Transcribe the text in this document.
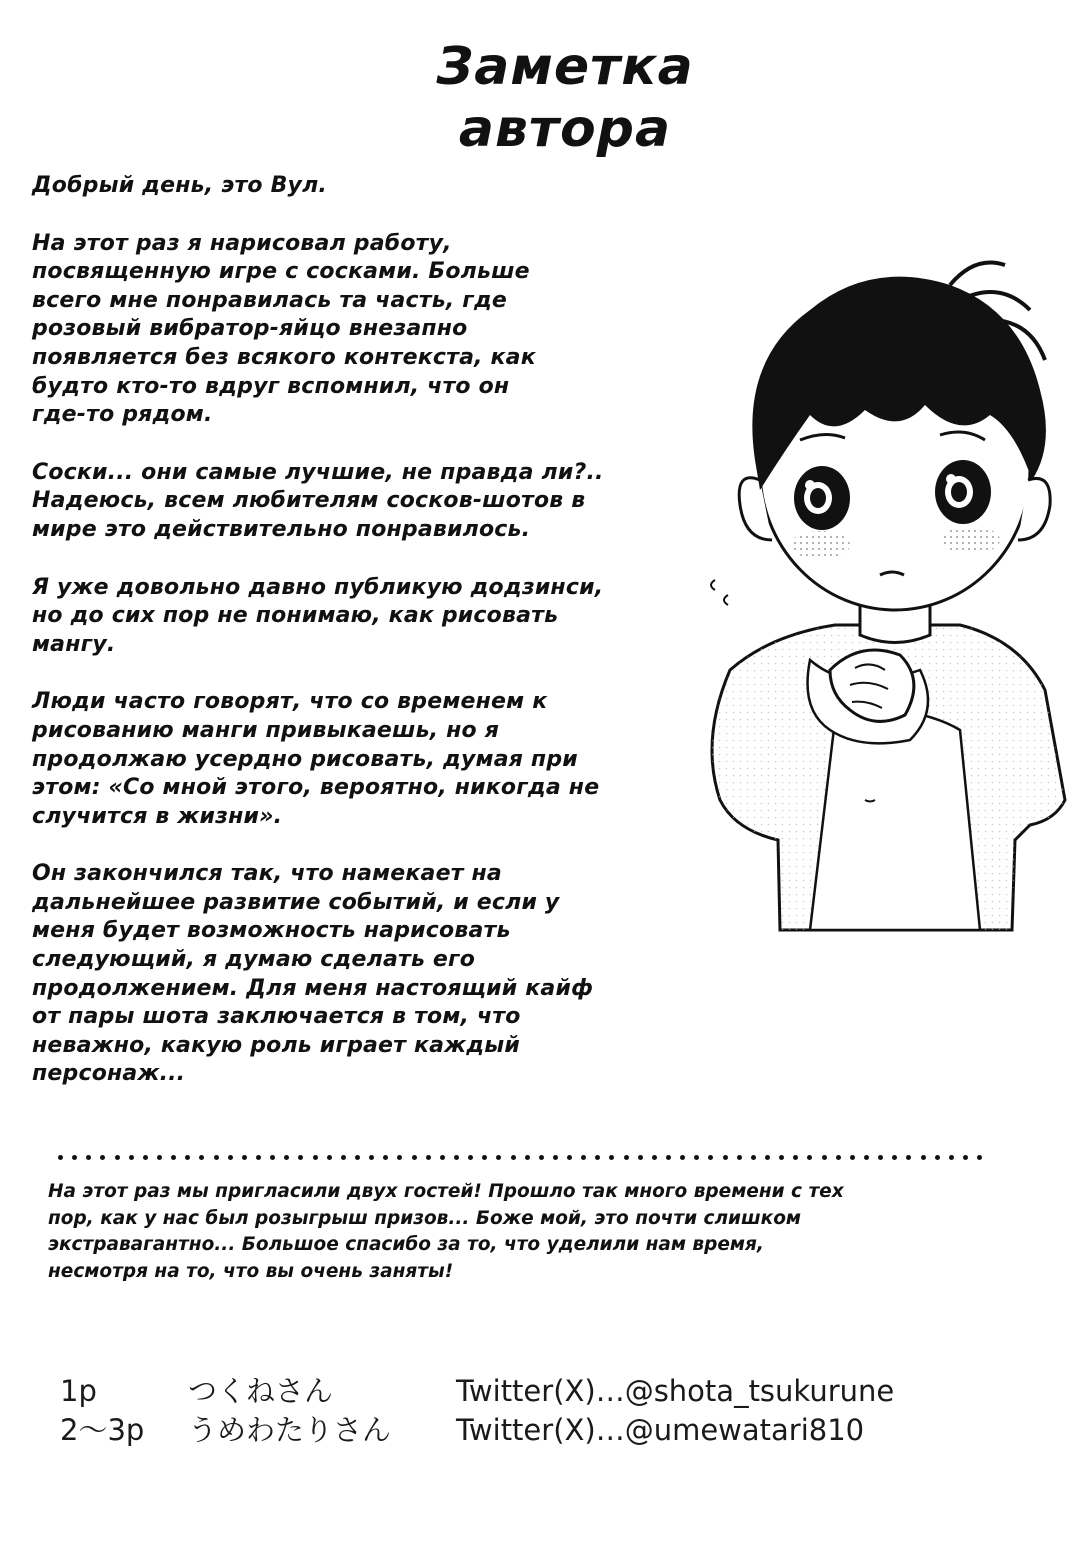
Заметка
автора
Добрый день, это Вул.
На этот раз я нарисовал работу,
посвященную игре с сосками. Больше
всего мне понравилась та часть, где
розовый вибратор-яйцо внезапно
появляется без всякого контекста, как
будто кто-то вдруг вспомнил, что он
где-то рядом.
Соски... они самые лучшие, не правда ли?..
Надеюсь, всем любителям сосков-шотов в
мире это действительно понравилось.
Я уже довольно давно публикую додзинси,
но до сих пор не понимаю, как рисовать
мангу.
Люди часто говорят, что со временем к
рисованию манги привыкаешь, но я
продолжаю усердно рисовать, думая при
этом: «Со мной этого, вероятно, никогда не
случится в жизни».
Он закончился так, что намекает на
дальнейшее развитие событий, и если у
меня будет возможность нарисовать
следующий, я думаю сделать его
продолжением. Для меня настоящий кайф
от пары шота заключается в том, что
неважно, какую роль играет каждый
персонаж...
На этот раз мы пригласили двух гостей! Прошло так много времени с тех
пор, как у нас был розыгрыш призов... Боже мой, это почти слишком
экстравагантно... Большое спасибо за то, что уделили нам время,
несмотря на то, что вы очень заняты!
1p	つくねさん	Twitter(X)…@shota_tsukurune
2～3p うめわたりさん Twitter(X)…@umewatari810
